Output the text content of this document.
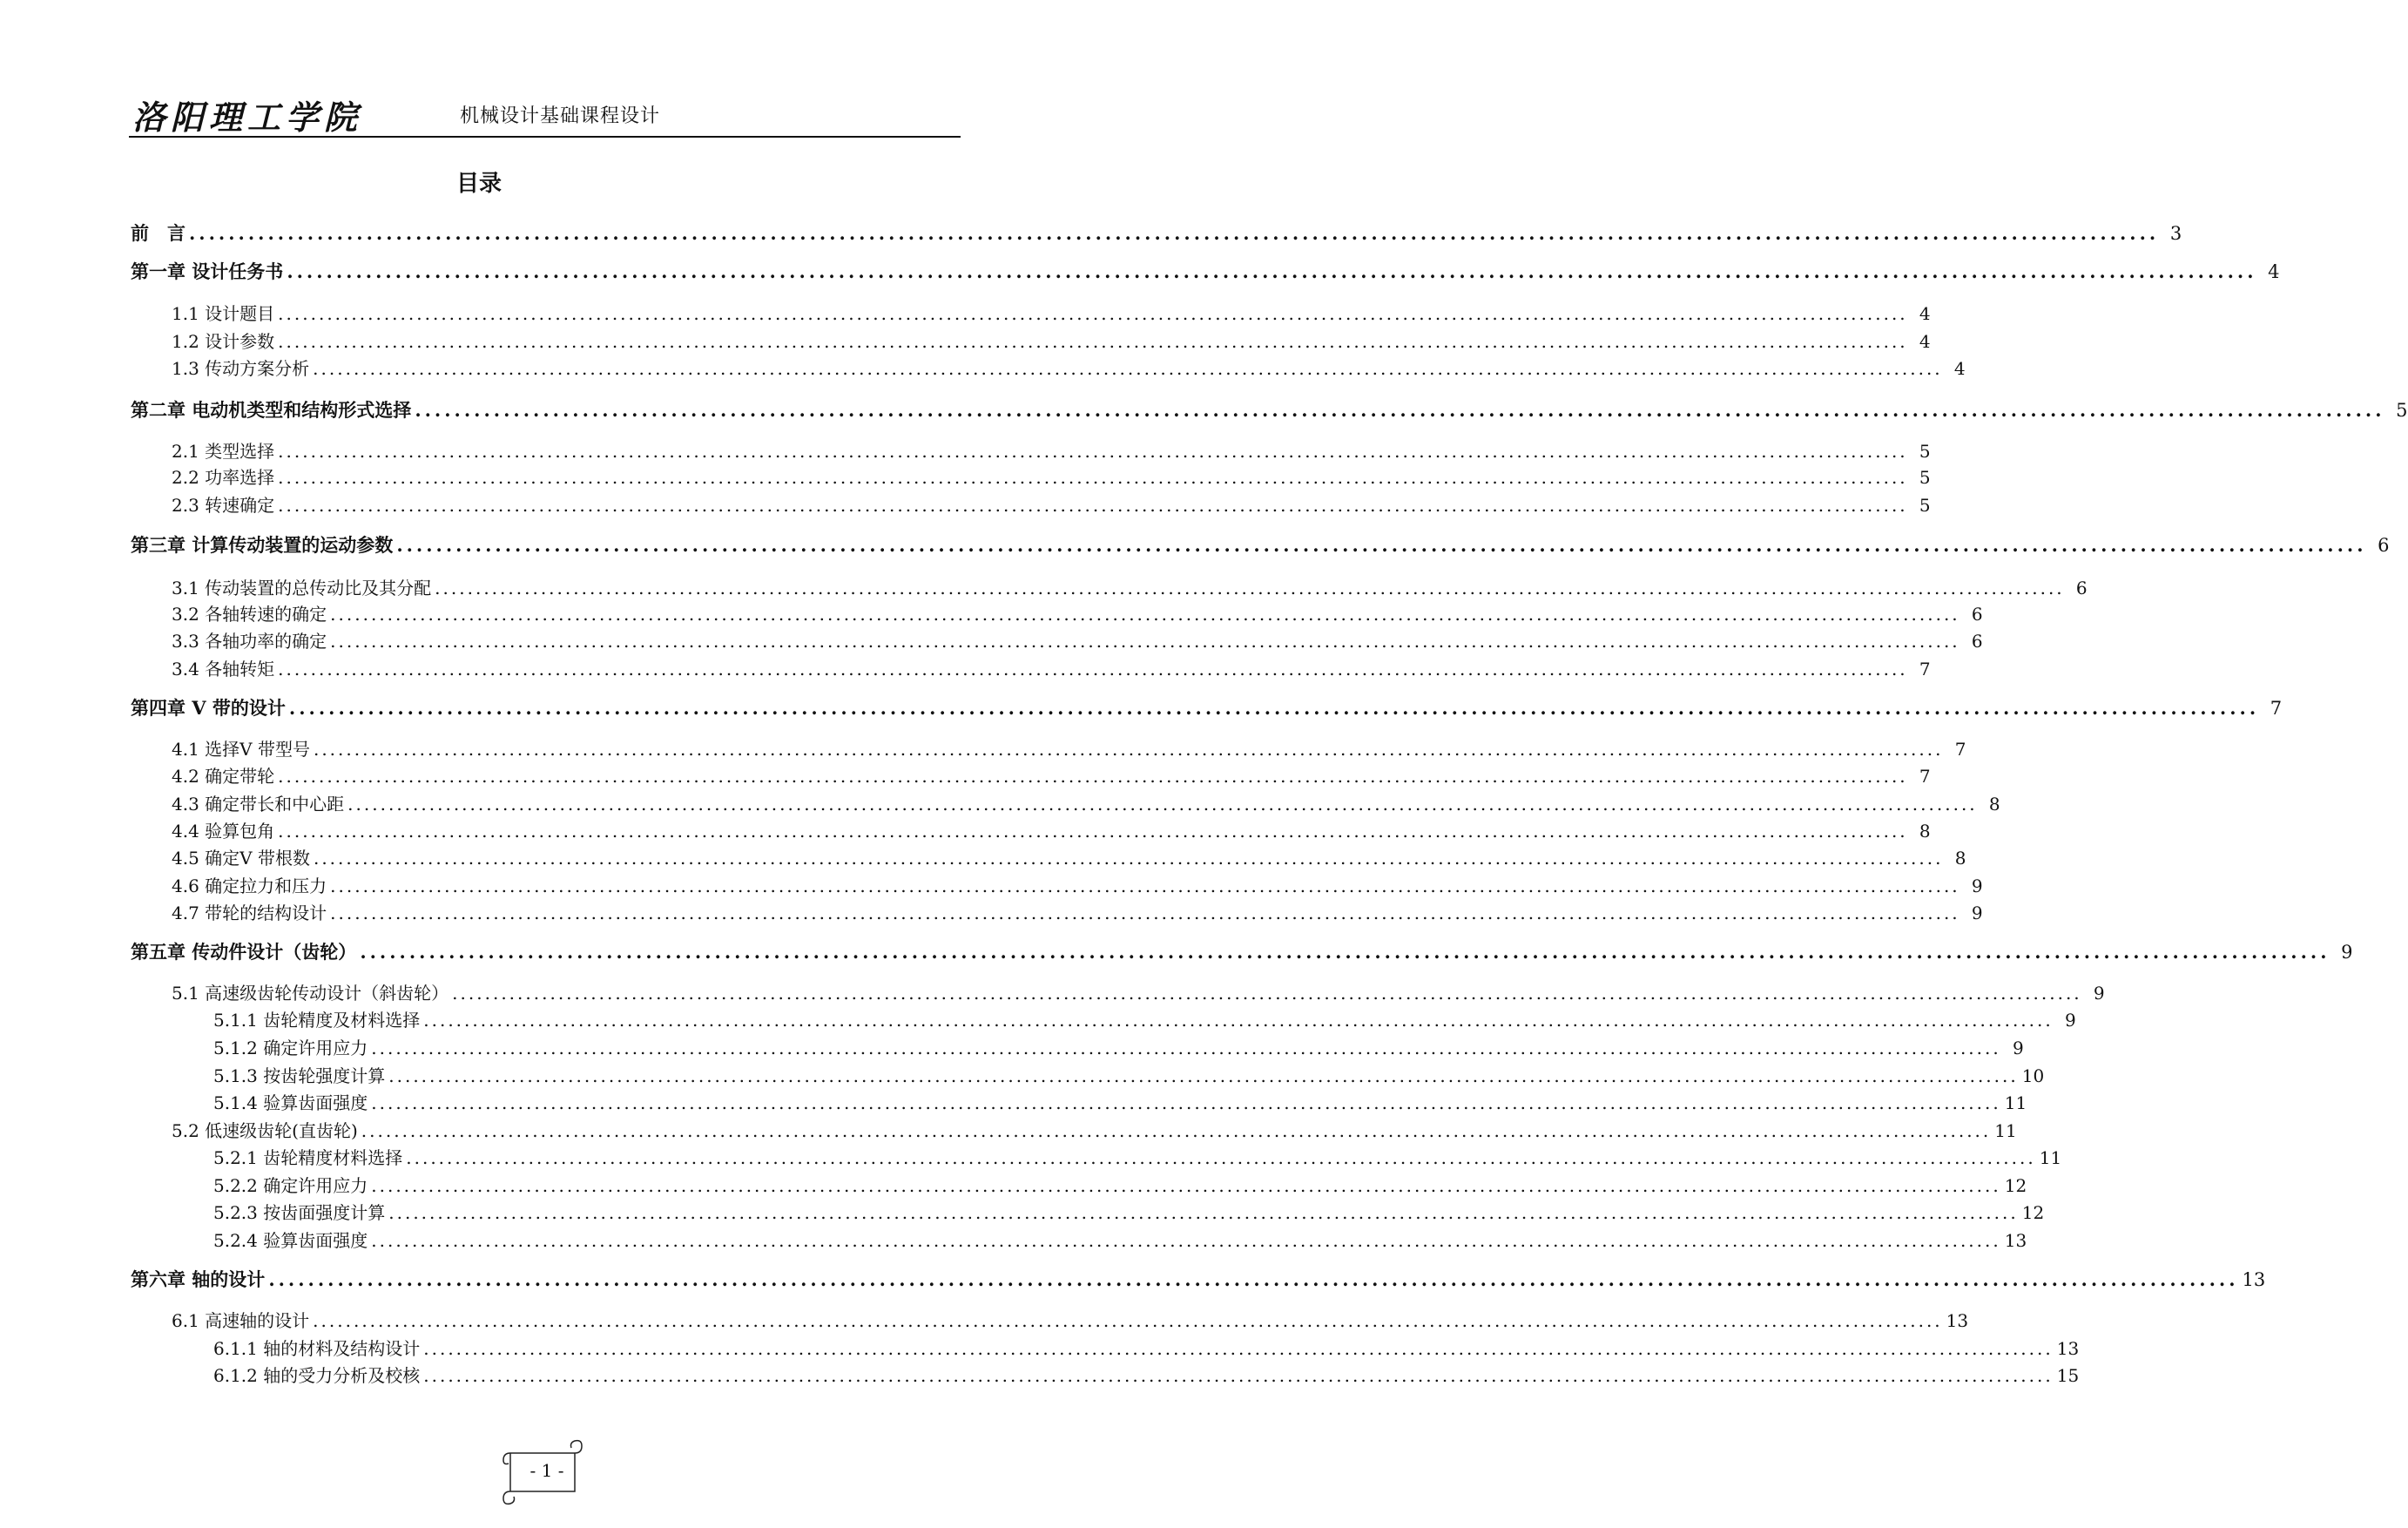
洛阳理工学院	机械设计基础课程设计
目录
前　言 ........................................................................................................................................................................................................ 3
第一章 设计任务书 ........................................................................................................................................................................................................ 4
1.1 设计题目 ........................................................................................................................................................................................................ 4
1.2 设计参数 ........................................................................................................................................................................................................ 4
1.3 传动方案分析 ........................................................................................................................................................................................................ 4
第二章 电动机类型和结构形式选择 ........................................................................................................................................................................................................ 5
2.1 类型选择 ........................................................................................................................................................................................................ 5
2.2 功率选择 ........................................................................................................................................................................................................ 5
2.3 转速确定 ........................................................................................................................................................................................................ 5
第三章 计算传动装置的运动参数 ........................................................................................................................................................................................................ 6
3.1 传动装置的总传动比及其分配 ........................................................................................................................................................................................................ 6
3.2 各轴转速的确定 ........................................................................................................................................................................................................ 6
3.3 各轴功率的确定 ........................................................................................................................................................................................................ 6
3.4 各轴转矩 ........................................................................................................................................................................................................ 7
第四章 V 带的设计 ........................................................................................................................................................................................................ 7
4.1 选择V 带型号 ........................................................................................................................................................................................................ 7
4.2 确定带轮 ........................................................................................................................................................................................................ 7
4.3 确定带长和中心距 ........................................................................................................................................................................................................ 8
4.4 验算包角 ........................................................................................................................................................................................................ 8
4.5 确定V 带根数 ........................................................................................................................................................................................................ 8
4.6 确定拉力和压力 ........................................................................................................................................................................................................ 9
4.7 带轮的结构设计 ........................................................................................................................................................................................................ 9
第五章 传动件设计（齿轮） ........................................................................................................................................................................................................ 9
5.1 高速级齿轮传动设计（斜齿轮） ........................................................................................................................................................................................................ 9
5.1.1 齿轮精度及材料选择 ........................................................................................................................................................................................................ 9
5.1.2 确定许用应力 ........................................................................................................................................................................................................ 9
5.1.3 按齿轮强度计算 ........................................................................................................................................................................................................ 10
5.1.4 验算齿面强度 ........................................................................................................................................................................................................ 11
5.2 低速级齿轮(直齿轮) ........................................................................................................................................................................................................ 11
5.2.1 齿轮精度材料选择 ........................................................................................................................................................................................................ 11
5.2.2 确定许用应力 ........................................................................................................................................................................................................ 12
5.2.3 按齿面强度计算 ........................................................................................................................................................................................................ 12
5.2.4 验算齿面强度 ........................................................................................................................................................................................................ 13
第六章 轴的设计 ........................................................................................................................................................................................................ 13
6.1 高速轴的设计 ........................................................................................................................................................................................................ 13
6.1.1 轴的材料及结构设计 ........................................................................................................................................................................................................ 13
6.1.2 轴的受力分析及校核 ........................................................................................................................................................................................................ 15
- 1 -
